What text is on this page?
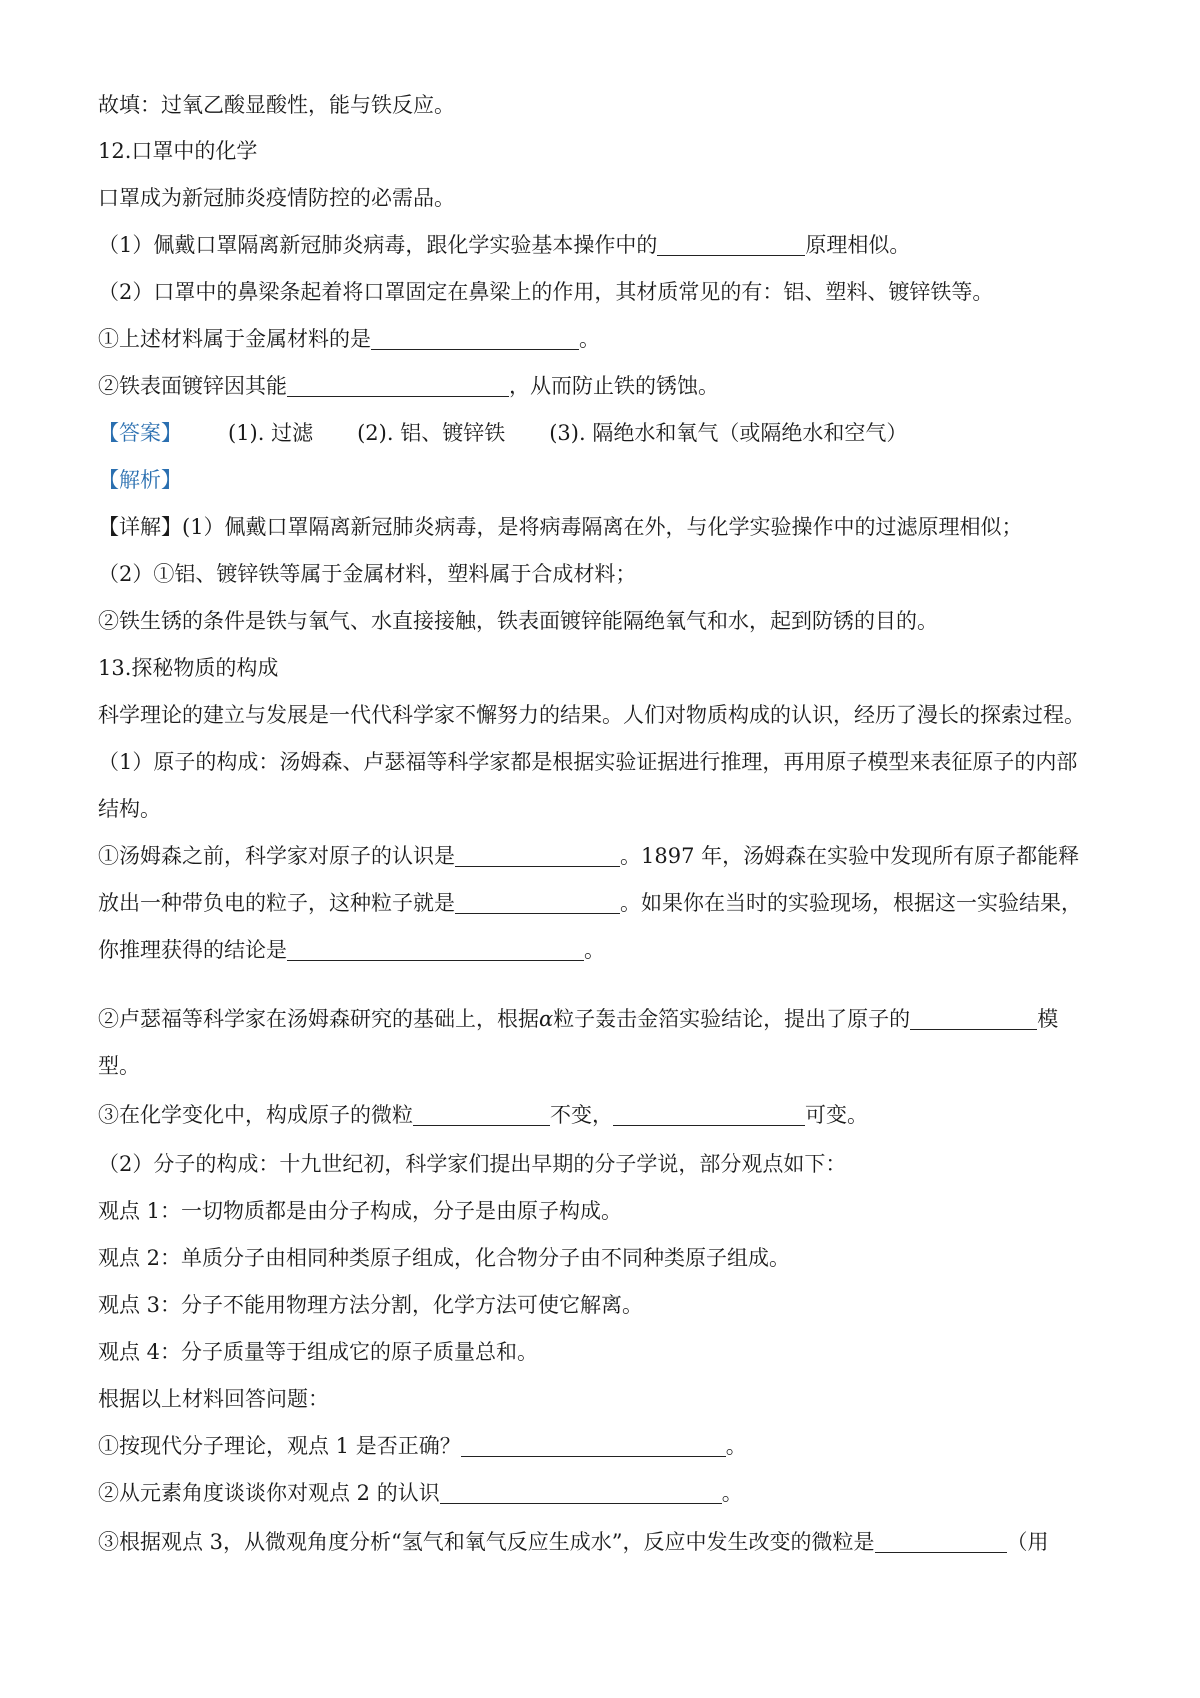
故填：过氧乙酸显酸性，能与铁反应。
12.口罩中的化学
口罩成为新冠肺炎疫情防控的必需品。
（1）佩戴口罩隔离新冠肺炎病毒，跟化学实验基本操作中的	原理相似。
（2）口罩中的鼻梁条起着将口罩固定在鼻梁上的作用，其材质常见的有：铝、塑料、镀锌铁等。
①上述材料属于金属材料的是	。
②铁表面镀锌因其能	，从而防止铁的锈蚀。
【答案】 (1). 过滤 (2). 铝、镀锌铁 (3). 隔绝水和氧气（或隔绝水和空气）
【解析】
【详解】(1）佩戴口罩隔离新冠肺炎病毒，是将病毒隔离在外，与化学实验操作中的过滤原理相似；
（2）①铝、镀锌铁等属于金属材料，塑料属于合成材料；
②铁生锈的条件是铁与氧气、水直接接触，铁表面镀锌能隔绝氧气和水，起到防锈的目的。
13.探秘物质的构成
科学理论的建立与发展是一代代科学家不懈努力的结果。人们对物质构成的认识，经历了漫长的探索过程。
（1）原子的构成：汤姆森、卢瑟福等科学家都是根据实验证据进行推理，再用原子模型来表征原子的内部
结构。
①汤姆森之前，科学家对原子的认识是	。1897 年，汤姆森在实验中发现所有原子都能释
放出一种带负电的粒子，这种粒子就是	。如果你在当时的实验现场，根据这一实验结果，
你推理获得的结论是	。
②卢瑟福等科学家在汤姆森研究的基础上，根据α粒子轰击金箔实验结论，提出了原子的	模
型。
③在化学变化中，构成原子的微粒	不变，	可变。
（2）分子的构成：十九世纪初，科学家们提出早期的分子学说，部分观点如下：
观点 1：一切物质都是由分子构成，分子是由原子构成。
观点 2：单质分子由相同种类原子组成，化合物分子由不同种类原子组成。
观点 3：分子不能用物理方法分割，化学方法可使它解离。
观点 4：分子质量等于组成它的原子质量总和。
根据以上材料回答问题：
①按现代分子理论，观点 1 是否正确？	。
②从元素角度谈谈你对观点 2 的认识	。
③根据观点 3，从微观角度分析“氢气和氧气反应生成水”，反应中发生改变的微粒是	（用
